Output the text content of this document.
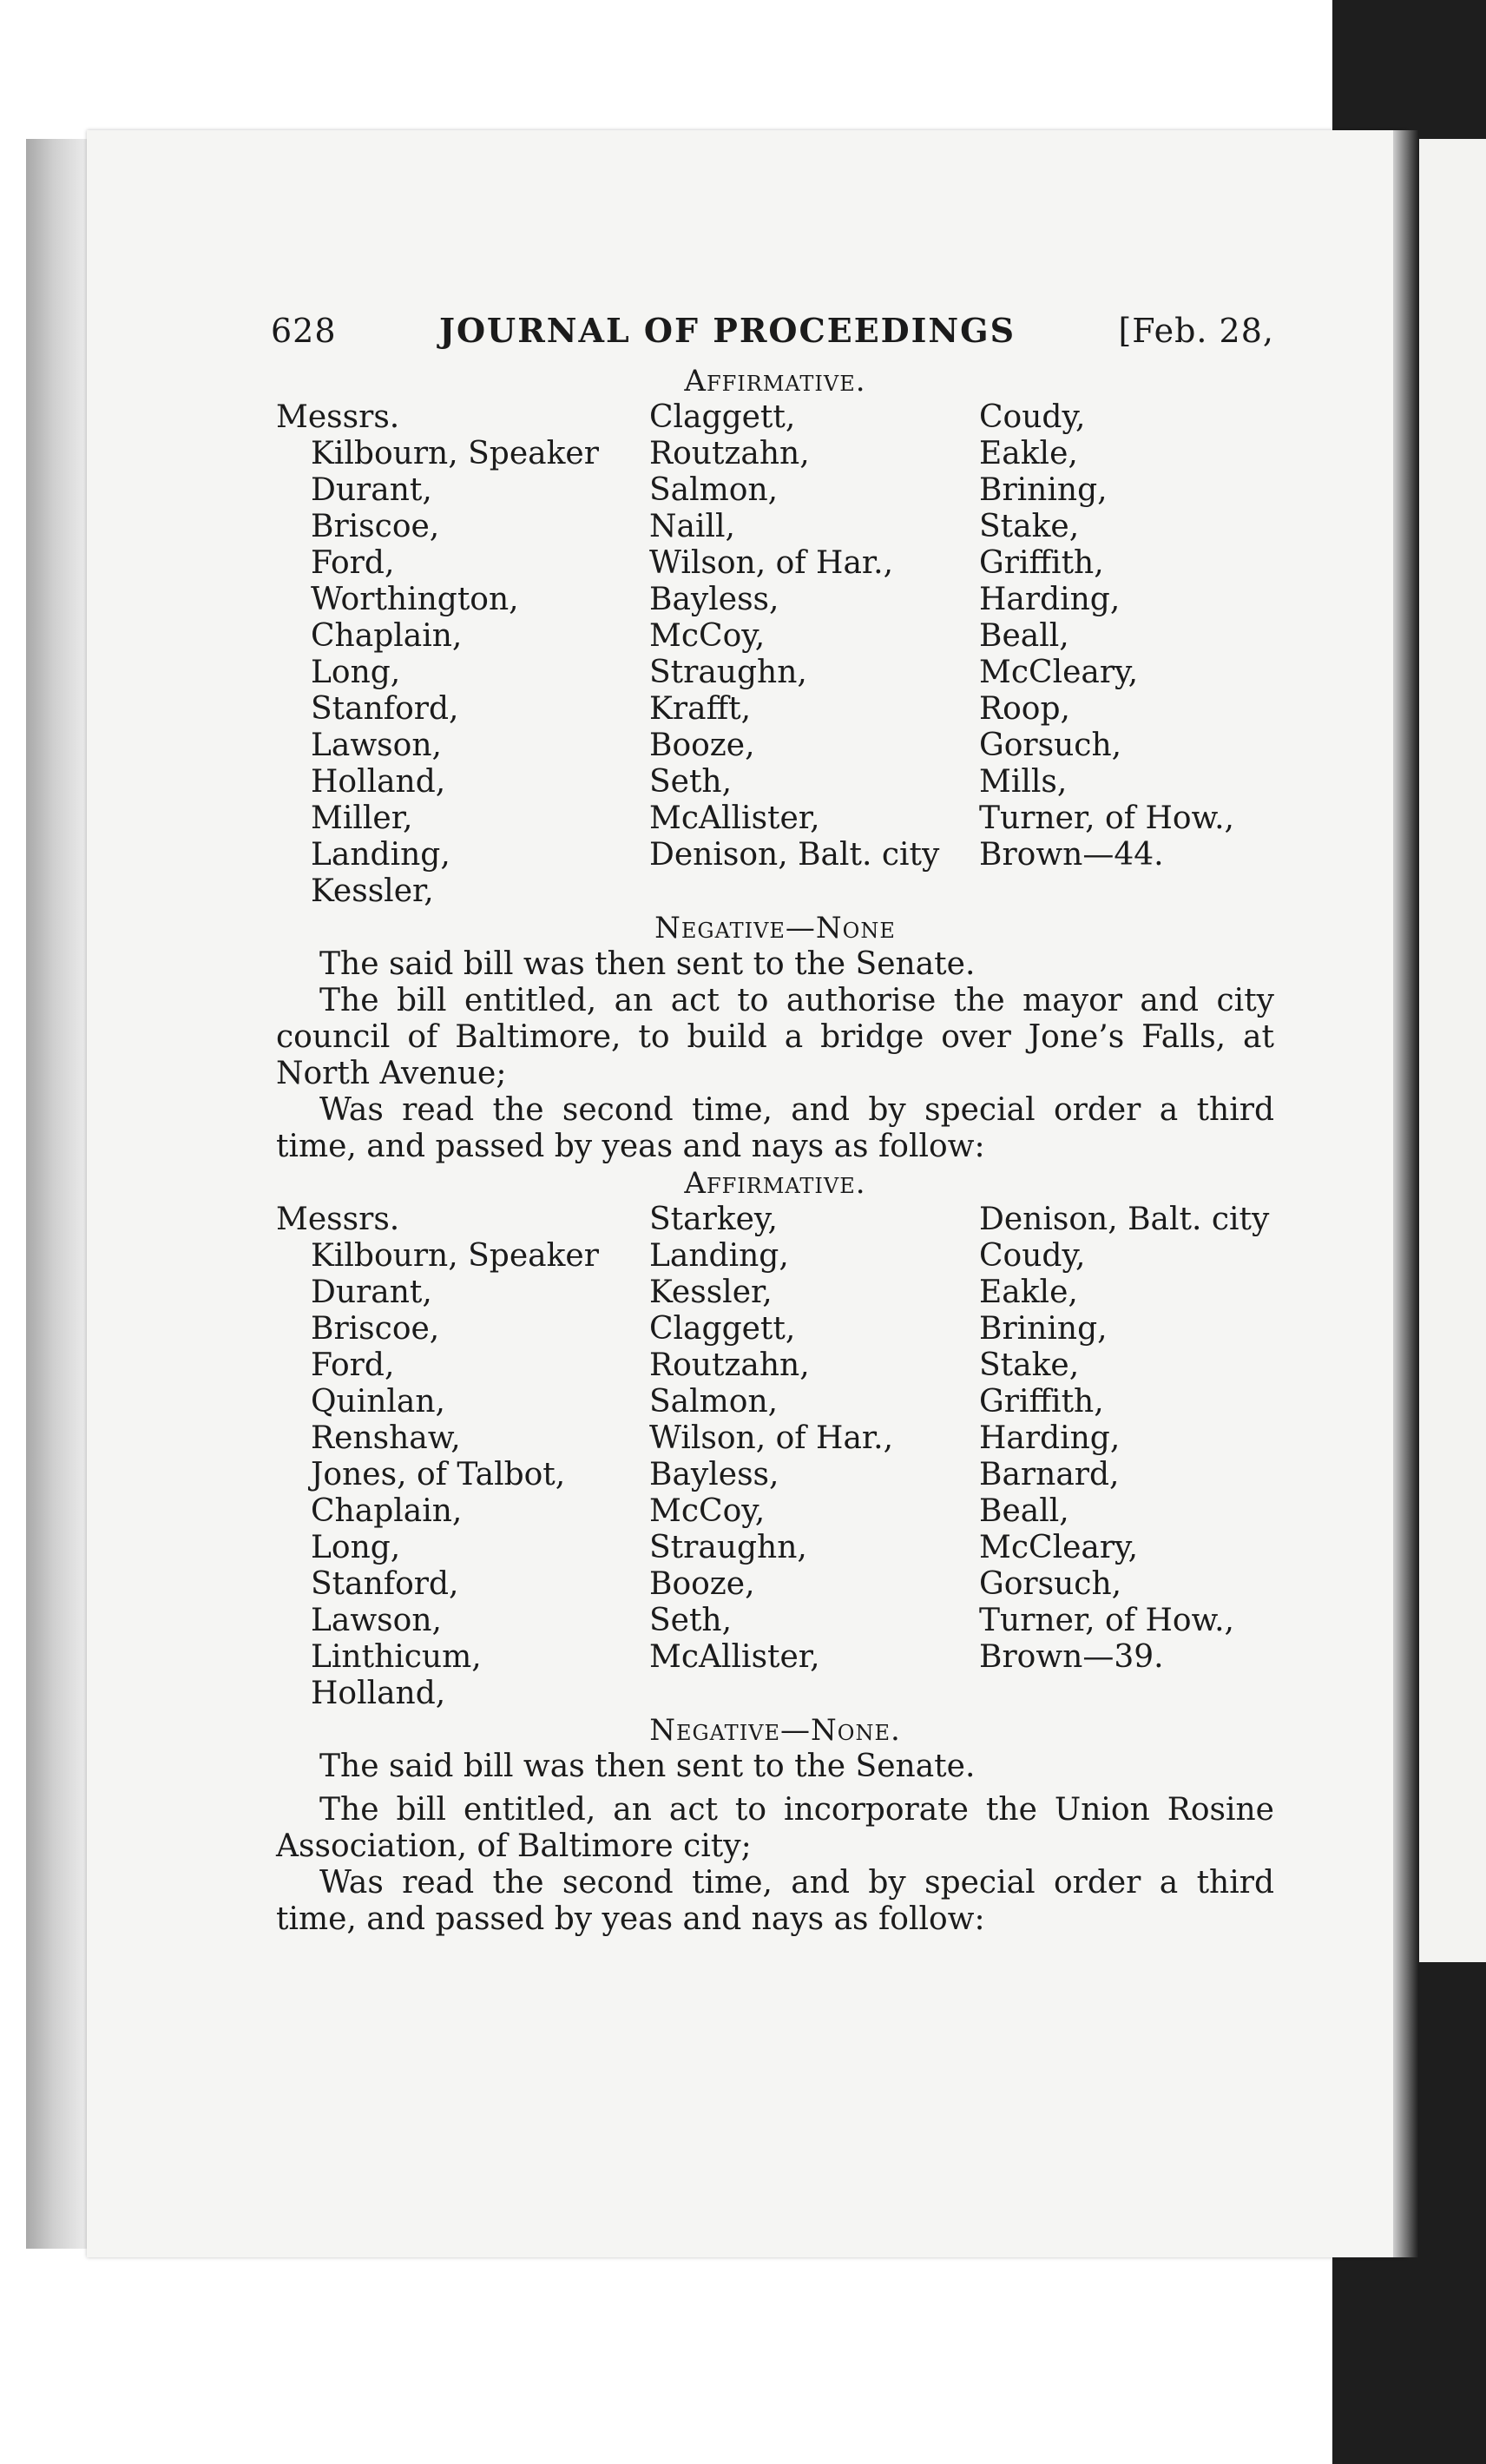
628	JOURNAL OF PROCEEDINGS	[Feb. 28,
Affirmative.
Messrs.	Claggett,	Coudy,
Kilbourn, Speaker	Routzahn,	Eakle,
Durant,	Salmon,	Brining,
Briscoe,	Naill,	Stake,
Ford,	Wilson, of Har.,	Griffith,
Worthington,	Bayless,	Harding,
Chaplain,	McCoy,	Beall,
Long,	Straughn,	McCleary,
Stanford,	Krafft,	Roop,
Lawson,	Booze,	Gorsuch,
Holland,	Seth,	Mills,
Miller,	McAllister,	Turner, of How.,
Landing,	Denison, Balt. city	Brown—44.
Kessler,
Negative—None

The said bill was then sent to the Senate.

The bill entitled, an act to authorise the mayor and city council of Baltimore, to build a bridge over Jone’s Falls, at North Avenue;

Was read the second time, and by special order a third time, and passed by yeas and nays as follow:

Affirmative.
Messrs.	Starkey,	Denison, Balt. city
Kilbourn, Speaker	Landing,	Coudy,
Durant,	Kessler,	Eakle,
Briscoe,	Claggett,	Brining,
Ford,	Routzahn,	Stake,
Quinlan,	Salmon,	Griffith,
Renshaw,	Wilson, of Har.,	Harding,
Jones, of Talbot,	Bayless,	Barnard,
Chaplain,	McCoy,	Beall,
Long,	Straughn,	McCleary,
Stanford,	Booze,	Gorsuch,
Lawson,	Seth,	Turner, of How.,
Linthicum,	McAllister,	Brown—39.
Holland,
Negative—None.

The said bill was then sent to the Senate.

The bill entitled, an act to incorporate the Union Rosine Association, of Baltimore city;

Was read the second time, and by special order a third time, and passed by yeas and nays as follow:
